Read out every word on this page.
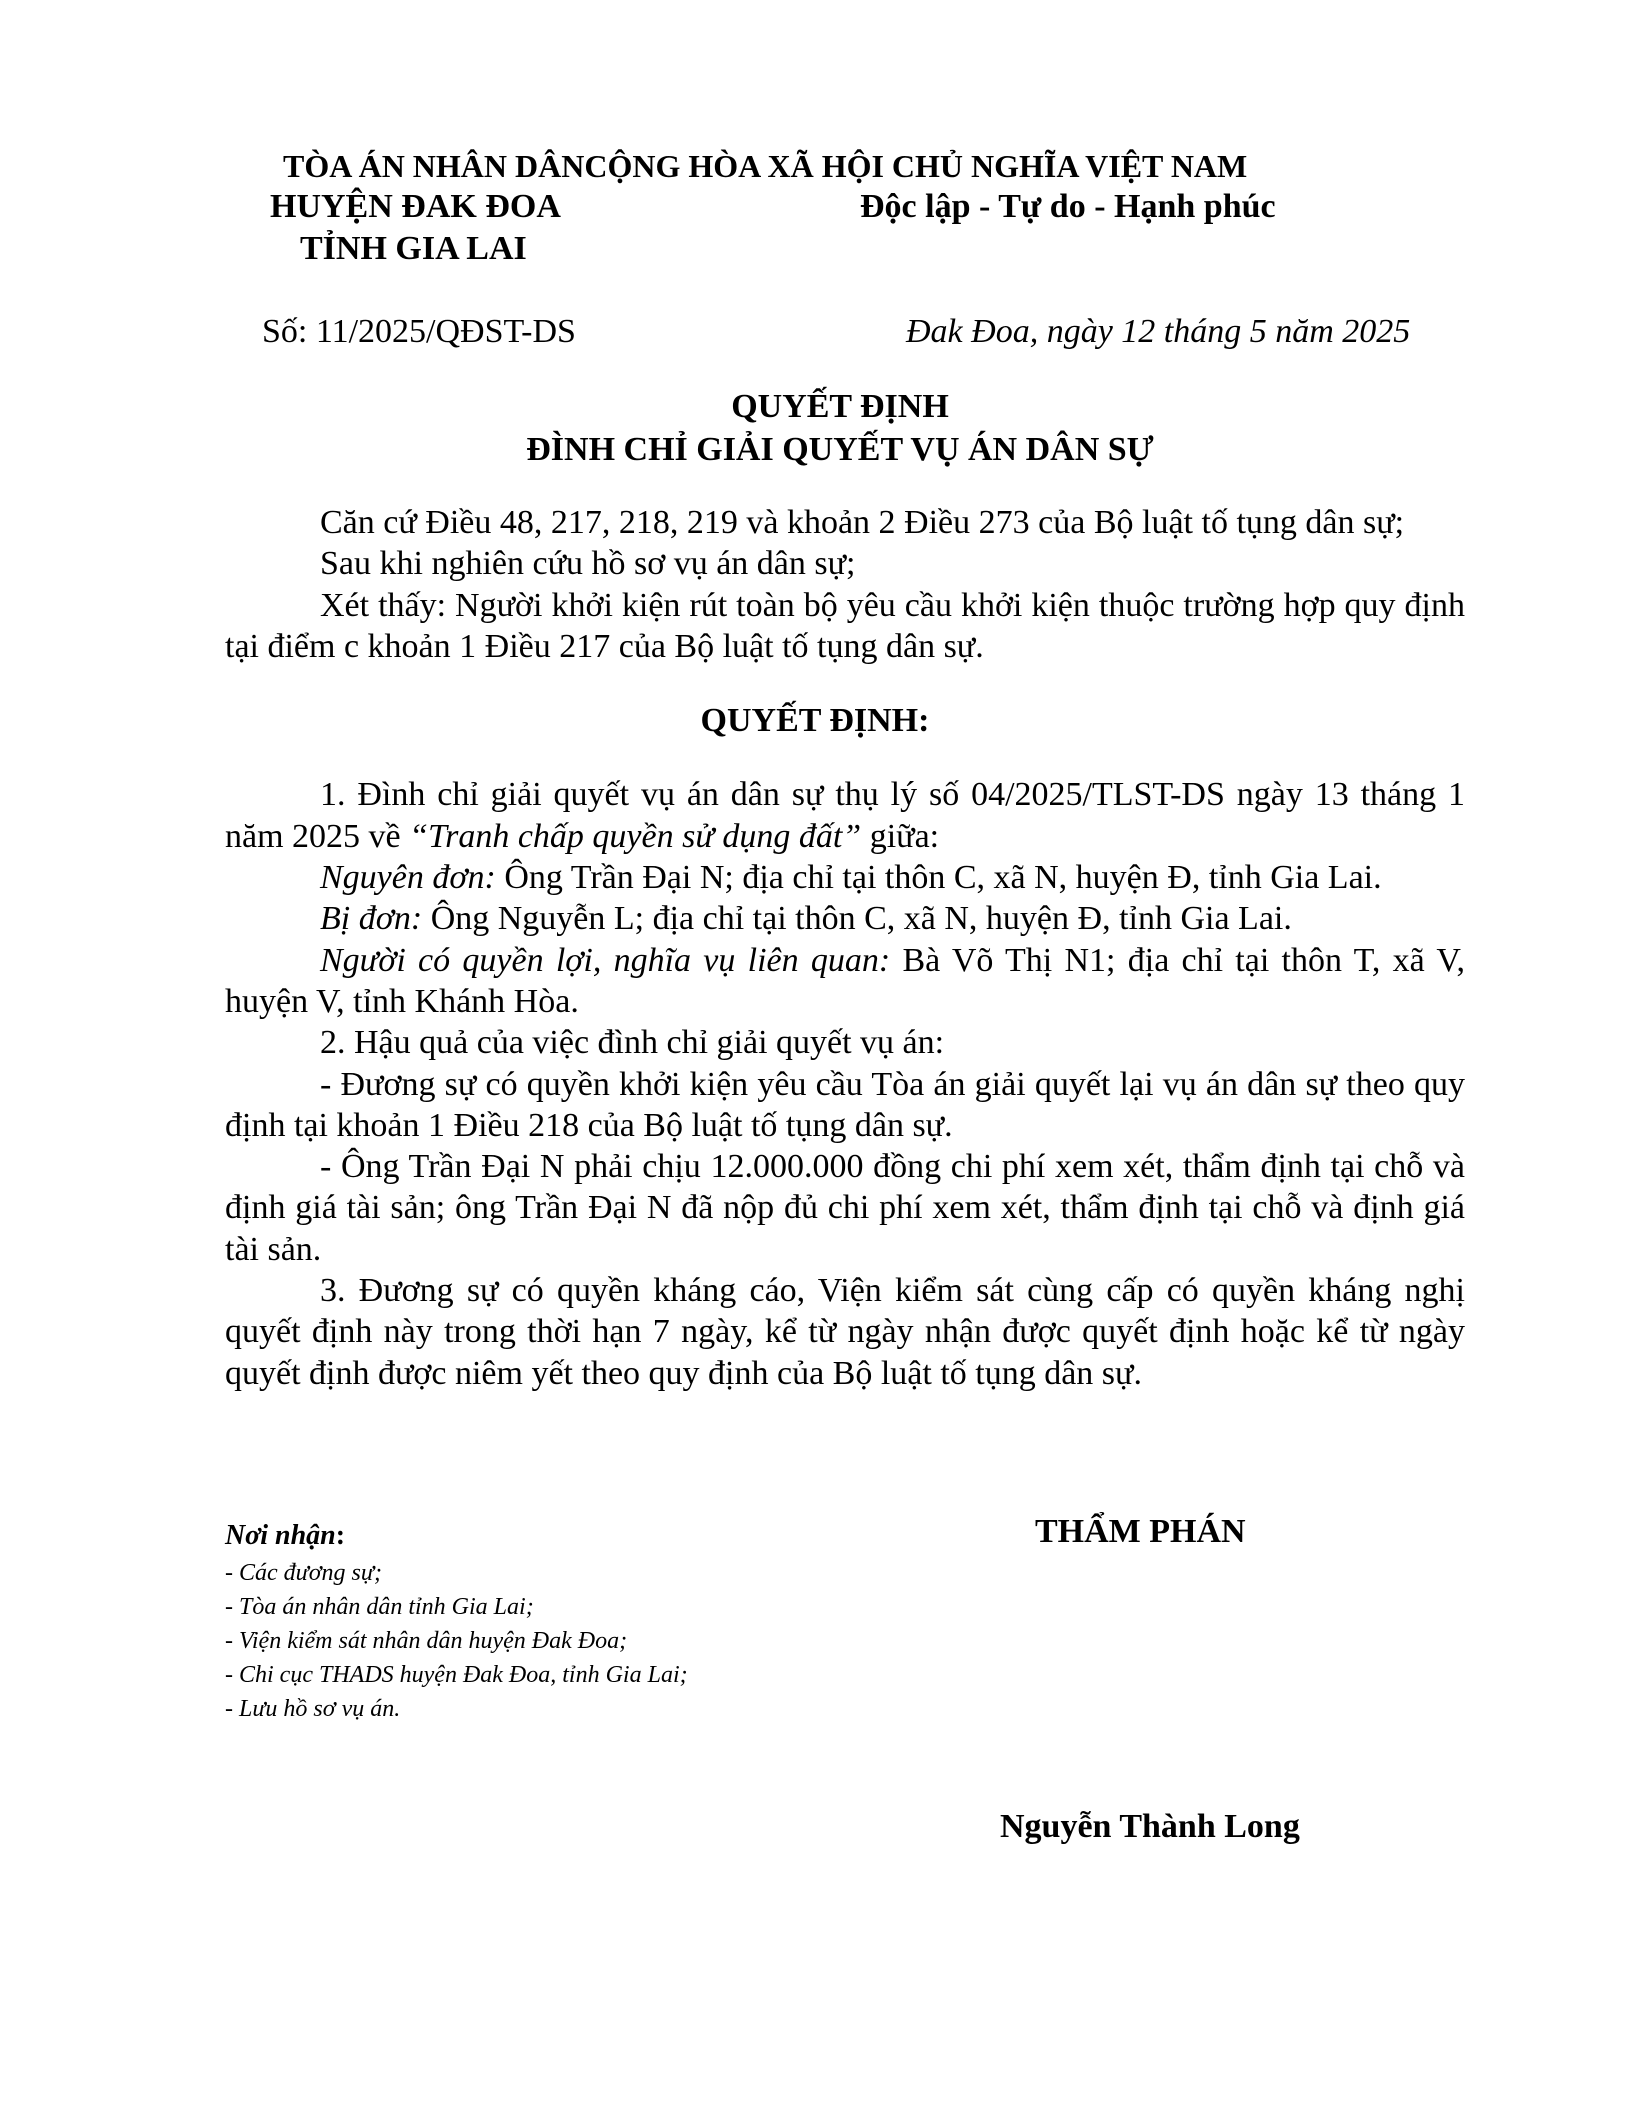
TÒA ÁN NHÂN DÂNCỘNG HÒA XÃ HỘI CHỦ NGHĨA VIỆT NAM
HUYỆN ĐAK ĐOA	Độc lập - Tự do - Hạnh phúc
TỈNH GIA LAI
Số: 11/2025/QĐST-DS	Đak Đoa, ngày 12 tháng 5 năm 2025
QUYẾT ĐỊNH
ĐÌNH CHỈ GIẢI QUYẾT VỤ ÁN DÂN SỰ

Căn cứ Điều 48, 217, 218, 219 và khoản 2 Điều 273 của Bộ luật tố tụng dân sự;

Sau khi nghiên cứu hồ sơ vụ án dân sự;

Xét thấy: Người khởi kiện rút toàn bộ yêu cầu khởi kiện thuộc trường hợp quy định tại điểm c khoản 1 Điều 217 của Bộ luật tố tụng dân sự.

QUYẾT ĐỊNH:

1. Đình chỉ giải quyết vụ án dân sự thụ lý số 04/2025/TLST-DS ngày 13 tháng 1 năm 2025 về “Tranh chấp quyền sử dụng đất” giữa:

Nguyên đơn: Ông Trần Đại N; địa chỉ tại thôn C, xã N, huyện Đ, tỉnh Gia Lai.

Bị đơn: Ông Nguyễn L; địa chỉ tại thôn C, xã N, huyện Đ, tỉnh Gia Lai.

Người có quyền lợi, nghĩa vụ liên quan: Bà Võ Thị N1; địa chỉ tại thôn T, xã V, huyện V, tỉnh Khánh Hòa.

2. Hậu quả của việc đình chỉ giải quyết vụ án:

- Đương sự có quyền khởi kiện yêu cầu Tòa án giải quyết lại vụ án dân sự theo quy định tại khoản 1 Điều 218 của Bộ luật tố tụng dân sự.

- Ông Trần Đại N phải chịu 12.000.000 đồng chi phí xem xét, thẩm định tại chỗ và định giá tài sản; ông Trần Đại N đã nộp đủ chi phí xem xét, thẩm định tại chỗ và định giá tài sản.

3. Đương sự có quyền kháng cáo, Viện kiểm sát cùng cấp có quyền kháng nghị quyết định này trong thời hạn 7 ngày, kể từ ngày nhận được quyết định hoặc kể từ ngày quyết định được niêm yết theo quy định của Bộ luật tố tụng dân sự.

Nơi nhận:
- Các đương sự;
- Tòa án nhân dân tỉnh Gia Lai;
- Viện kiểm sát nhân dân huyện Đak Đoa;
- Chi cục THADS huyện Đak Đoa, tỉnh Gia Lai;
- Lưu hồ sơ vụ án.
THẨM PHÁN
Nguyễn Thành Long
